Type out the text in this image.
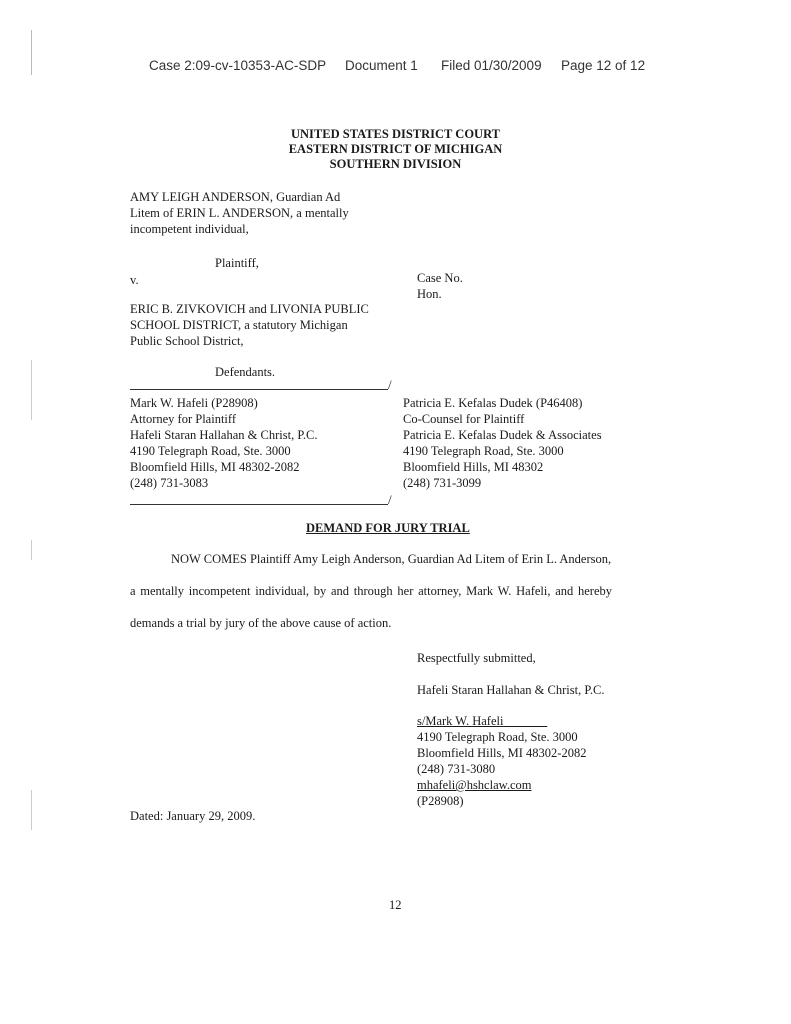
Case 2:09-cv-10353-AC-SDP Document 1 Filed 01/30/2009 Page 12 of 12
UNITED STATES DISTRICT COURT
EASTERN DISTRICT OF MICHIGAN
SOUTHERN DIVISION
AMY LEIGH ANDERSON, Guardian Ad
Litem of ERIN L. ANDERSON, a mentally
incompetent individual,
Plaintiff,
v.	Case No.
Hon.
ERIC B. ZIVKOVICH and LIVONIA PUBLIC
SCHOOL DISTRICT, a statutory Michigan
Public School District,
Defendants.
/
Mark W. Hafeli (P28908)
Attorney for Plaintiff
Hafeli Staran Hallahan & Christ, P.C.
4190 Telegraph Road, Ste. 3000
Bloomfield Hills, MI 48302-2082
(248) 731-3083
Patricia E. Kefalas Dudek (P46408)
Co-Counsel for Plaintiff
Patricia E. Kefalas Dudek & Associates
4190 Telegraph Road, Ste. 3000
Bloomfield Hills, MI 48302
(248) 731-3099
/
DEMAND FOR JURY TRIAL
NOW COMES Plaintiff Amy Leigh Anderson, Guardian Ad Litem of Erin L. Anderson,
a mentally incompetent individual, by and through her attorney, Mark W. Hafeli, and hereby
demands a trial by jury of the above cause of action.
Respectfully submitted,
Hafeli Staran Hallahan & Christ, P.C.
s/Mark W. Hafeli
4190 Telegraph Road, Ste. 3000
Bloomfield Hills, MI 48302-2082
(248) 731-3080
mhafeli@hshclaw.com
(P28908)
Dated: January 29, 2009.
12
